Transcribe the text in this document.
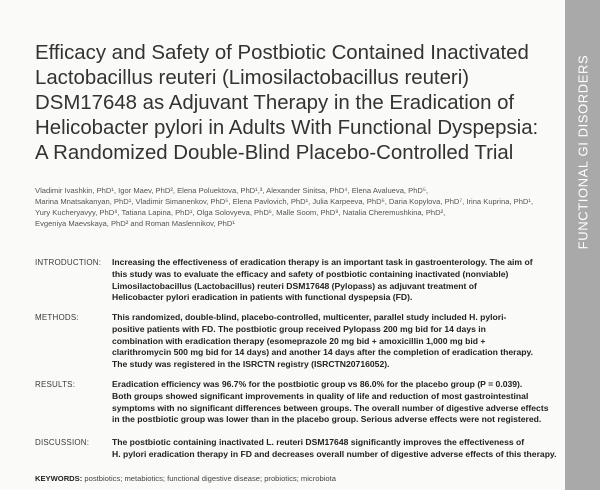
FUNCTIONAL GI DISORDERS
Efficacy and Safety of Postbiotic Contained Inactivated
Lactobacillus reuteri (Limosilactobacillus reuteri)
DSM17648 as Adjuvant Therapy in the Eradication of
Helicobacter pylori in Adults With Functional Dyspepsia:
A Randomized Double-Blind Placebo-Controlled Trial
Vladimir Ivashkin, PhD¹, Igor Maev, PhD², Elena Poluektova, PhD¹,³, Alexander Sinitsa, PhD⁴, Elena Avalueva, PhD⁵,
Marina Mnatsakanyan, PhD¹, Vladimir Simanenkov, PhD⁵, Elena Pavlovich, PhD¹, Julia Karpeeva, PhD⁶, Daria Kopylova, PhD⁷, Irina Kuprina, PhD¹,
Yury Kucheryavyy, PhD⁸, Tatiana Lapina, PhD¹, Olga Solovyeva, PhD⁶, Malle Soom, PhD⁹, Natalia Cheremushkina, PhD²,
Evgeniya Maevskaya, PhD² and Roman Maslennikov, PhD¹
INTRODUCTION:	Increasing the effectiveness of eradication therapy is an important task in gastroenterology. The aim of
this study was to evaluate the efficacy and safety of postbiotic containing inactivated (nonviable)
Limosilactobacillus (Lactobacillus) reuteri DSM17648 (Pylopass) as adjuvant treatment of
Helicobacter pylori eradication in patients with functional dyspepsia (FD).
METHODS:	This randomized, double-blind, placebo-controlled, multicenter, parallel study included H. pylori-
positive patients with FD. The postbiotic group received Pylopass 200 mg bid for 14 days in
combination with eradication therapy (esomeprazole 20 mg bid + amoxicillin 1,000 mg bid +
clarithromycin 500 mg bid for 14 days) and another 14 days after the completion of eradication therapy.
The study was registered in the ISRCTN registry (ISRCTN20716052).
RESULTS:	Eradication efficiency was 96.7% for the postbiotic group vs 86.0% for the placebo group (P = 0.039).
Both groups showed significant improvements in quality of life and reduction of most gastrointestinal
symptoms with no significant differences between groups. The overall number of digestive adverse effects
in the postbiotic group was lower than in the placebo group. Serious adverse effects were not registered.
DISCUSSION:	The postbiotic containing inactivated L. reuteri DSM17648 significantly improves the effectiveness of
H. pylori eradication therapy in FD and decreases overall number of digestive adverse effects of this therapy.
KEYWORDS: postbiotics; metabiotics; functional digestive disease; probiotics; microbiota
